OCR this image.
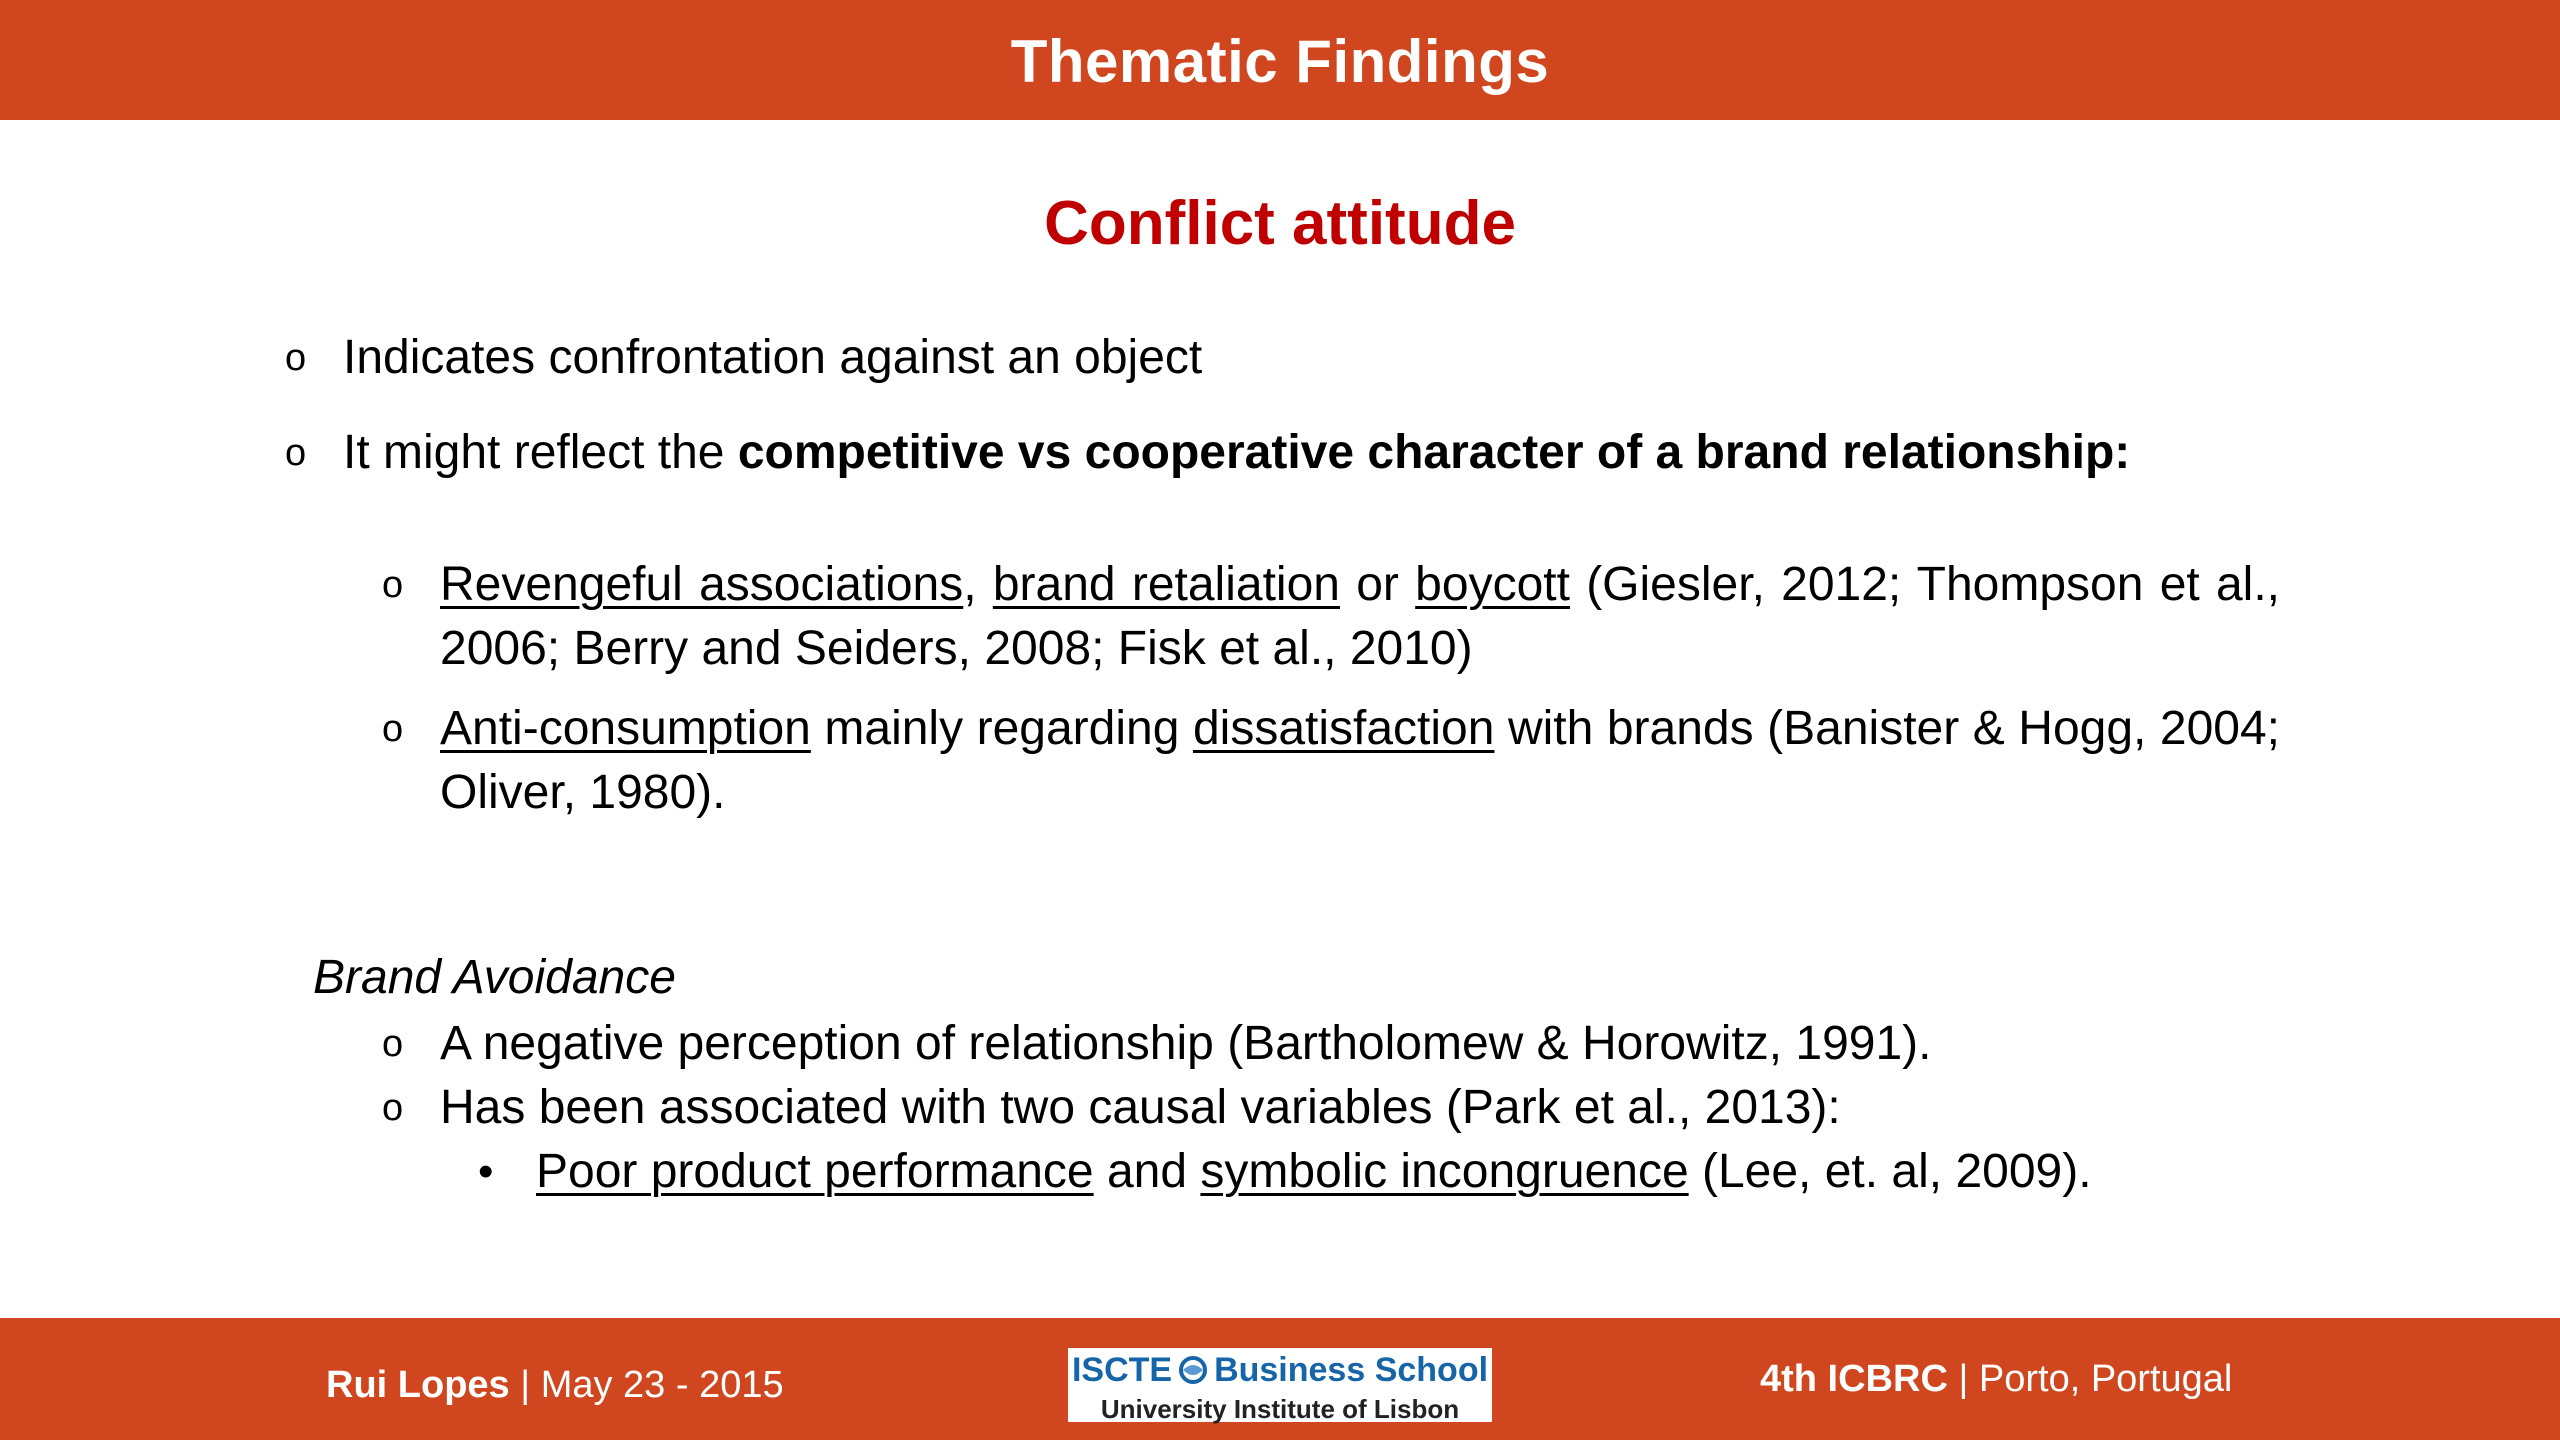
Thematic Findings
Conflict attitude
o Indicates confrontation against an object
o It might reflect the competitive vs cooperative character of a brand relationship:
o Revengeful associations, brand retaliation or boycott (Giesler, 2012; Thompson et al., 2006; Berry and Seiders, 2008; Fisk et al., 2010)
o Anti-consumption mainly regarding dissatisfaction with brands (Banister & Hogg, 2004; Oliver, 1980).
Brand Avoidance
o A negative perception of relationship (Bartholomew & Horowitz, 1991).
o Has been associated with two causal variables (Park et al., 2013):
• Poor product performance and symbolic incongruence (Lee, et. al, 2009).
Rui Lopes | May 23 - 2015	ISCTE Business School
University Institute of Lisbon
4th ICBRC | Porto, Portugal
